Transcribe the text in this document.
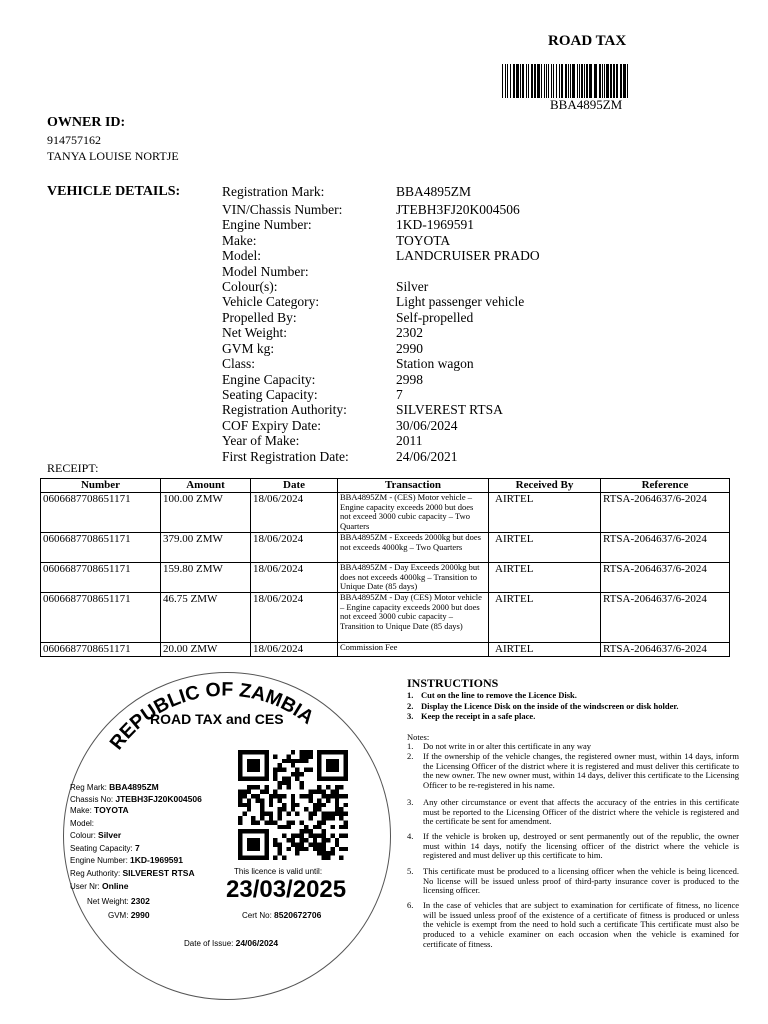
ROAD TAX
BBA4895ZM
OWNER ID:
914757162
TANYA LOUISE NORTJE
VEHICLE DETAILS:	Registration Mark:	BBA4895ZM
VIN/Chassis Number:	JTEBH3FJ20K004506
Engine Number:	1KD-1969591
Make:	TOYOTA
Model:	LANDCRUISER PRADO
Model Number:
Colour(s):	Silver
Vehicle Category:	Light passenger vehicle
Propelled By:	Self-propelled
Net Weight:	2302
GVM kg:	2990
Class:	Station wagon
Engine Capacity:	2998
Seating Capacity:	7
Registration Authority:	SILVEREST RTSA
COF Expiry Date:	30/06/2024
Year of Make:	2011
First Registration Date:	24/06/2021
RECEIPT:
Number	Amount	Date	Transaction	Received By	Reference
0606687708651171	100.00 ZMW	18/06/2024	BBA4895ZM - (CES) Motor vehicle – Engine capacity exceeds 2000 but does not exceed 3000 cubic capacity – Two Quarters	AIRTEL	RTSA-2064637/6-2024
0606687708651171	379.00 ZMW	18/06/2024	BBA4895ZM - Exceeds 2000kg but does not exceeds 4000kg – Two Quarters	AIRTEL	RTSA-2064637/6-2024
0606687708651171	159.80 ZMW	18/06/2024	BBA4895ZM - Day Exceeds 2000kg but does not exceeds 4000kg – Transition to Unique Date (85 days)	AIRTEL	RTSA-2064637/6-2024
0606687708651171	46.75 ZMW	18/06/2024	BBA4895ZM - Day (CES) Motor vehicle – Engine capacity exceeds 2000 but does not exceed 3000 cubic capacity – Transition to Unique Date (85 days)	AIRTEL	RTSA-2064637/6-2024
0606687708651171	20.00 ZMW	18/06/2024	Commission Fee	AIRTEL	RTSA-2064637/6-2024
REPUBLIC OF ZAMBIA
ROAD TAX and CES
Reg Mark: BBA4895ZM
Chassis No: JTEBH3FJ20K004506
Make: TOYOTA
Model:
Colour: Silver
Seating Capacity: 7
Engine Number: 1KD-1969591
Reg Authority: SILVEREST RTSA
User Nr: Online
Net Weight: 2302
GVM: 2990
This licence is valid until:
23/03/2025
Cert No: 8520672706
Date of Issue: 24/06/2024
INSTRUCTIONS
1. Cut on the line to remove the Licence Disk.
2. Display the Licence Disk on the inside of the windscreen or disk holder.
3. Keep the receipt in a safe place.
Notes:
1. Do not write in or alter this certificate in any way
2. If the ownership of the vehicle changes, the registered owner must, within 14 days, inform the Licensing Officer of the district where it is registered and must deliver this certificate to the new owner. The new owner must, within 14 days, deliver this certificate to the Licensing Officer to be re-registered in his name.
3. Any other circumstance or event that affects the accuracy of the entries in this certificate must be reported to the Licensing Officer of the district where the vehicle is registered and the certificate be sent for amendment.
4. If the vehicle is broken up, destroyed or sent permanently out of the republic, the owner must within 14 days, notify the licensing officer of the district where the vehicle is registered and must deliver up this certificate to him.
5. This certificate must be produced to a licensing officer when the vehicle is being licenced. No license will be issued unless proof of third-party insurance cover is produced to the licensing officer.
6. In the case of vehicles that are subject to examination for certificate of fitness, no licence will be issued unless proof of the existence of a certificate of fitness is produced or unless the vehicle is exempt from the need to hold such a certificate This certificate must also be produced to a vehicle examiner on each occasion when the vehicle is examined for certificate of fitness.
